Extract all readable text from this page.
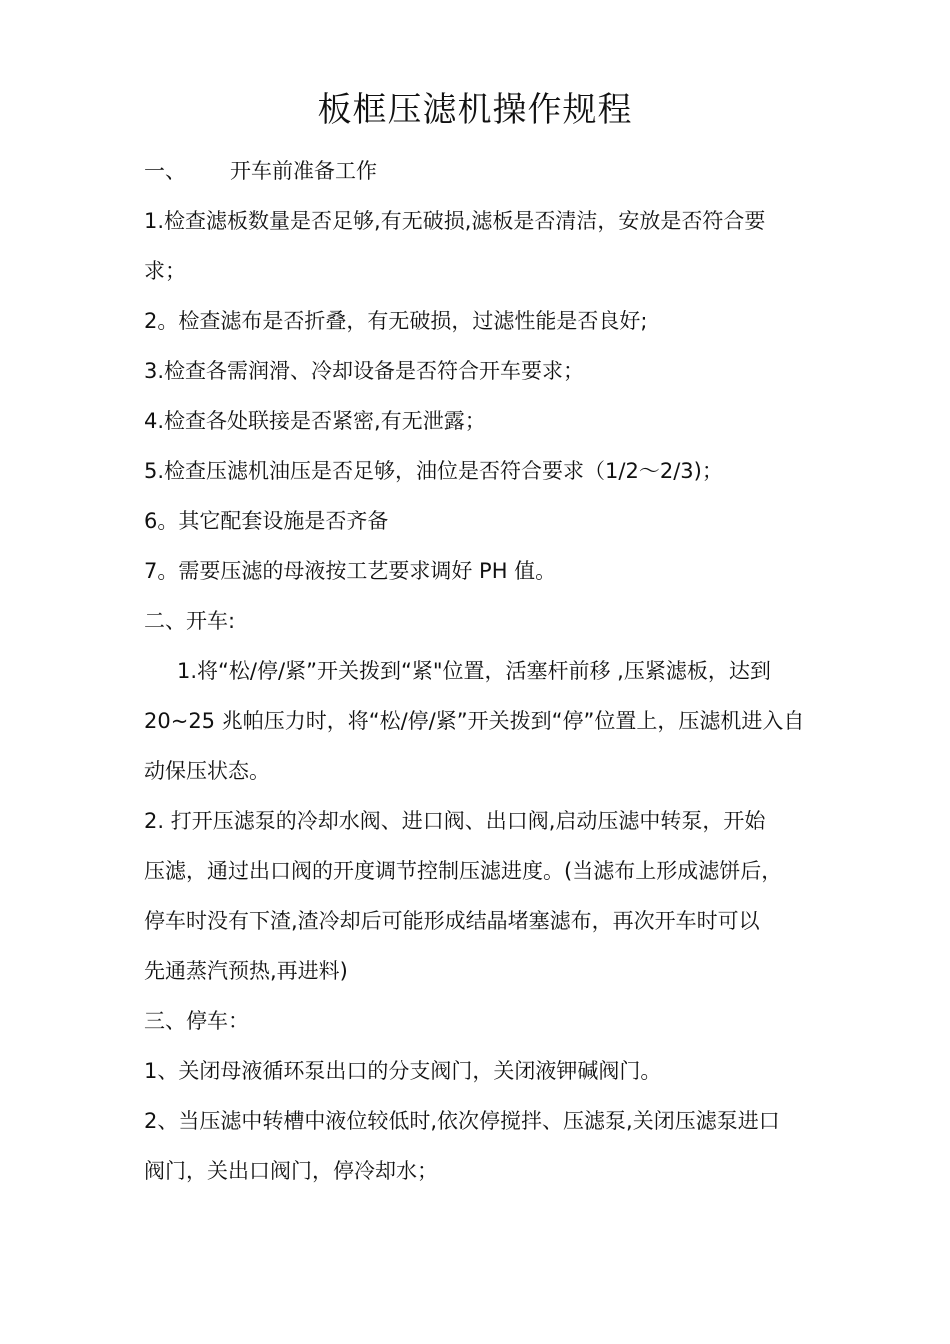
板框压滤机操作规程
一、 开车前准备工作
1.检查滤板数量是否足够,有无破损,滤板是否清洁，安放是否符合要
求；
2。检查滤布是否折叠，有无破损，过滤性能是否良好;
3.检查各需润滑、冷却设备是否符合开车要求；
4.检查各处联接是否紧密,有无泄露；
5.检查压滤机油压是否足够，油位是否符合要求（1/2～2/3)；
6。其它配套设施是否齐备
7。需要压滤的母液按工艺要求调好 PH 值。
二、开车:
1.将“松/停/紧”开关拨到“紧"位置，活塞杆前移 ,压紧滤板，达到
20~25 兆帕压力时，将“松/停/紧”开关拨到“停”位置上，压滤机进入自
动保压状态。
2. 打开压滤泵的冷却水阀、进口阀、出口阀,启动压滤中转泵，开始
压滤，通过出口阀的开度调节控制压滤进度。(当滤布上形成滤饼后，
停车时没有下渣,渣冷却后可能形成结晶堵塞滤布，再次开车时可以
先通蒸汽预热,再进料)
三、停车：
1、关闭母液循环泵出口的分支阀门，关闭液钾碱阀门。
2、当压滤中转槽中液位较低时,依次停搅拌、压滤泵,关闭压滤泵进口
阀门，关出口阀门，停冷却水；
